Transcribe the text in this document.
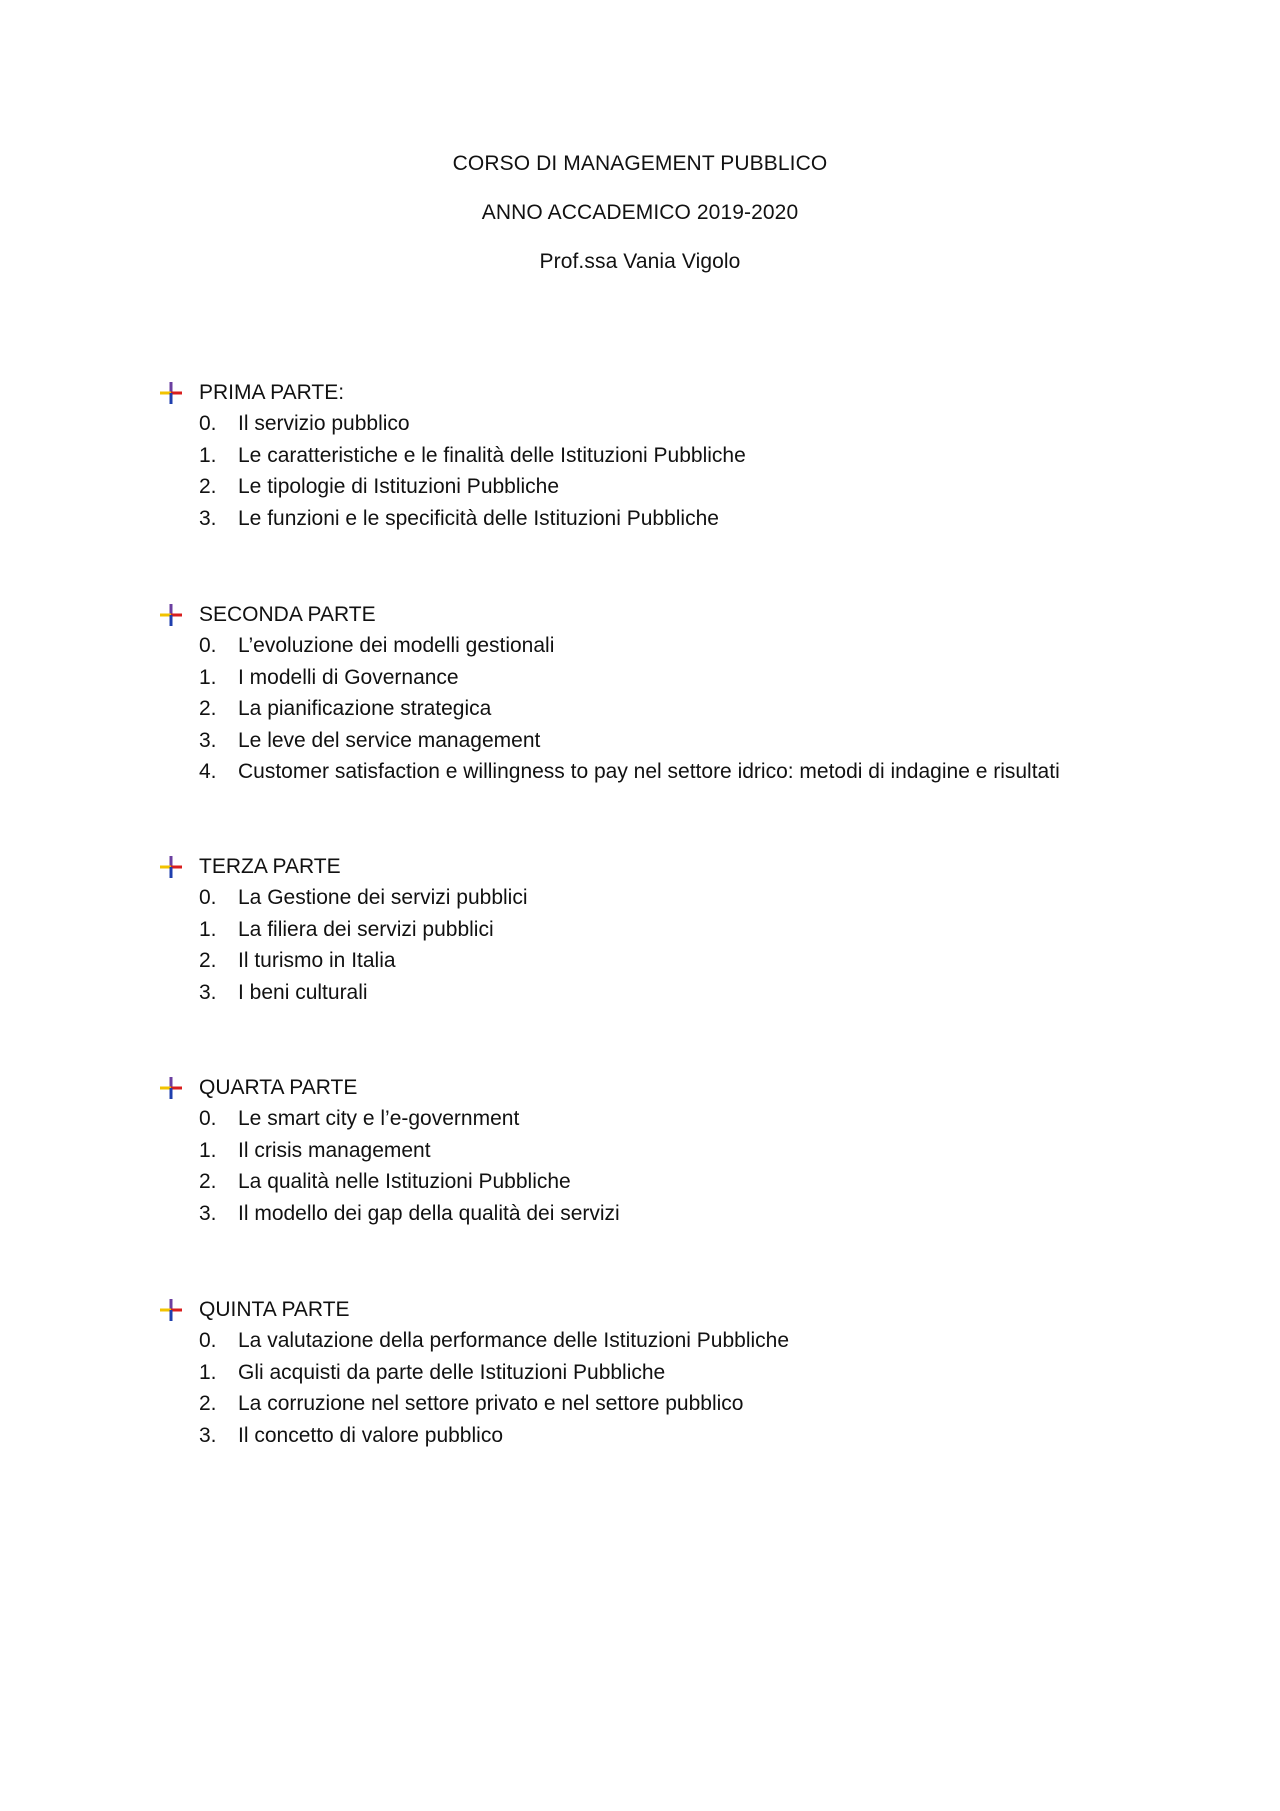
CORSO DI MANAGEMENT PUBBLICO
ANNO ACCADEMICO 2019-2020
Prof.ssa Vania Vigolo
PRIMA PARTE:
0.	Il servizio pubblico
1.	Le caratteristiche e le finalità delle Istituzioni Pubbliche
2.	Le tipologie di Istituzioni Pubbliche
3.	Le funzioni e le specificità delle Istituzioni Pubbliche
SECONDA PARTE
0.	L’evoluzione dei modelli gestionali
1.	I modelli di Governance
2.	La pianificazione strategica
3.	Le leve del service management
4.	Customer satisfaction e willingness to pay nel settore idrico: metodi di indagine e risultati
TERZA PARTE
0.	La Gestione dei servizi pubblici
1.	La filiera dei servizi pubblici
2.	Il turismo in Italia
3.	I beni culturali
QUARTA PARTE
0.	Le smart city e l’e-government
1.	Il crisis management
2.	La qualità nelle Istituzioni Pubbliche
3.	Il modello dei gap della qualità dei servizi
QUINTA PARTE
0.	La valutazione della performance delle Istituzioni Pubbliche
1.	Gli acquisti da parte delle Istituzioni Pubbliche
2.	La corruzione nel settore privato e nel settore pubblico
3.	Il concetto di valore pubblico
